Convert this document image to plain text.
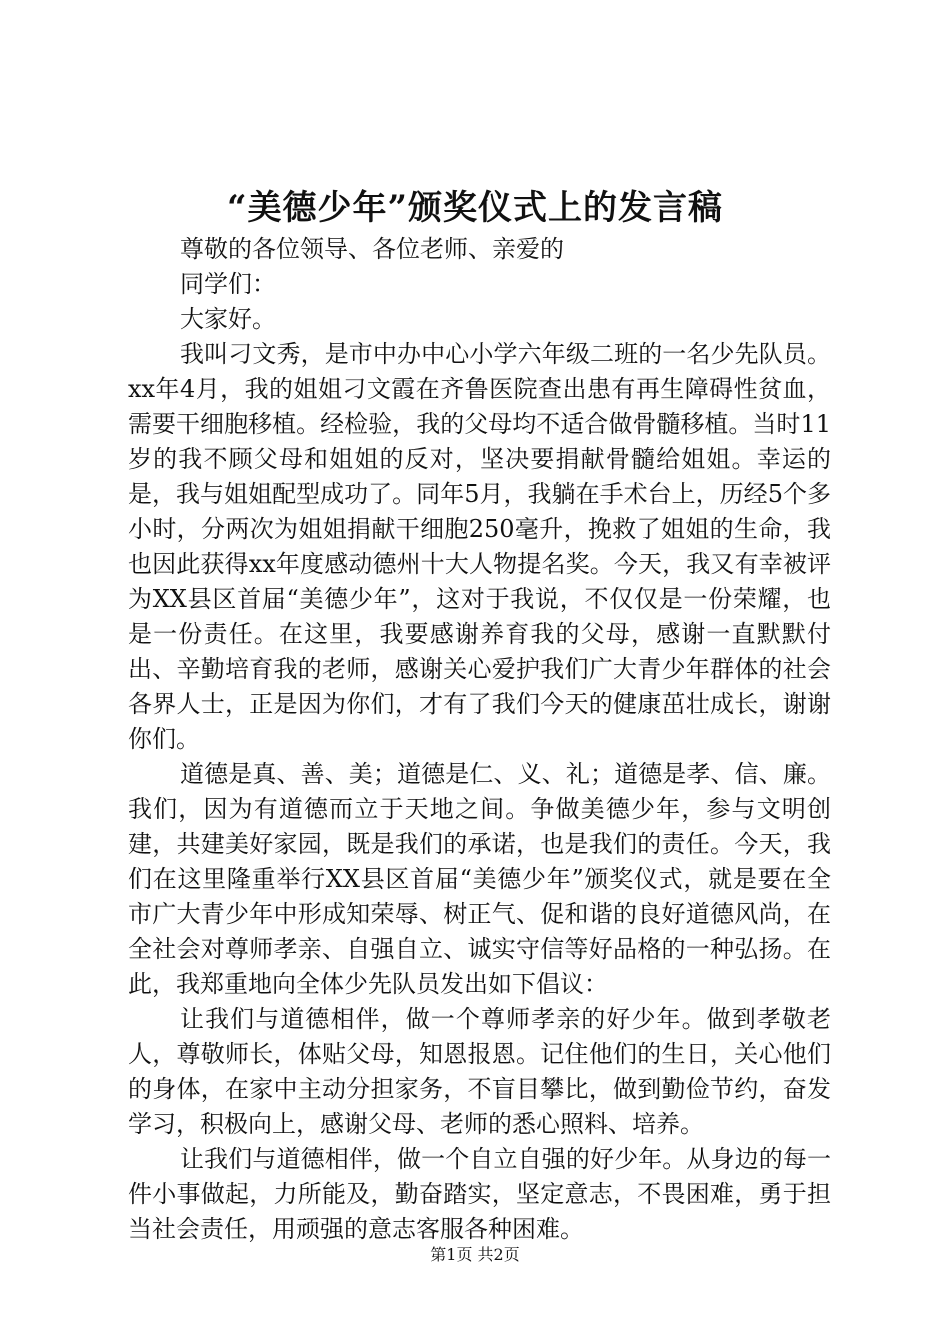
“美德少年”颁奖仪式上的发言稿
尊敬的各位领导、各位老师、亲爱的
同学们：
大家好。

我叫刁文秀，是市中办中心小学六年级二班的一名少先队员。xx年4月，我的姐姐刁文霞在齐鲁医院查出患有再生障碍性贫血，需要干细胞移植。经检验，我的父母均不适合做骨髓移植。当时11岁的我不顾父母和姐姐的反对，坚决要捐献骨髓给姐姐。幸运的是，我与姐姐配型成功了。同年5月，我躺在手术台上，历经5个多小时，分两次为姐姐捐献干细胞250毫升，挽救了姐姐的生命，我也因此获得xx年度感动德州十大人物提名奖。今天，我又有幸被评为XX县区首届“美德少年”，这对于我说，不仅仅是一份荣耀，也是一份责任。在这里，我要感谢养育我的父母，感谢一直默默付出、辛勤培育我的老师，感谢关心爱护我们广大青少年群体的社会各界人士，正是因为你们，才有了我们今天的健康茁壮成长，谢谢你们。

道德是真、善、美；道德是仁、义、礼；道德是孝、信、廉。我们，因为有道德而立于天地之间。争做美德少年，参与文明创建，共建美好家园，既是我们的承诺，也是我们的责任。今天，我们在这里隆重举行XX县区首届“美德少年”颁奖仪式，就是要在全市广大青少年中形成知荣辱、树正气、促和谐的良好道德风尚，在全社会对尊师孝亲、自强自立、诚实守信等好品格的一种弘扬。在此，我郑重地向全体少先队员发出如下倡议：

让我们与道德相伴，做一个尊师孝亲的好少年。做到孝敬老人，尊敬师长，体贴父母，知恩报恩。记住他们的生日，关心他们的身体，在家中主动分担家务，不盲目攀比，做到勤俭节约，奋发学习，积极向上，感谢父母、老师的悉心照料、培养。

让我们与道德相伴，做一个自立自强的好少年。从身边的每一件小事做起，力所能及，勤奋踏实，坚定意志，不畏困难，勇于担当社会责任，用顽强的意志客服各种困难。

第1页 共2页
